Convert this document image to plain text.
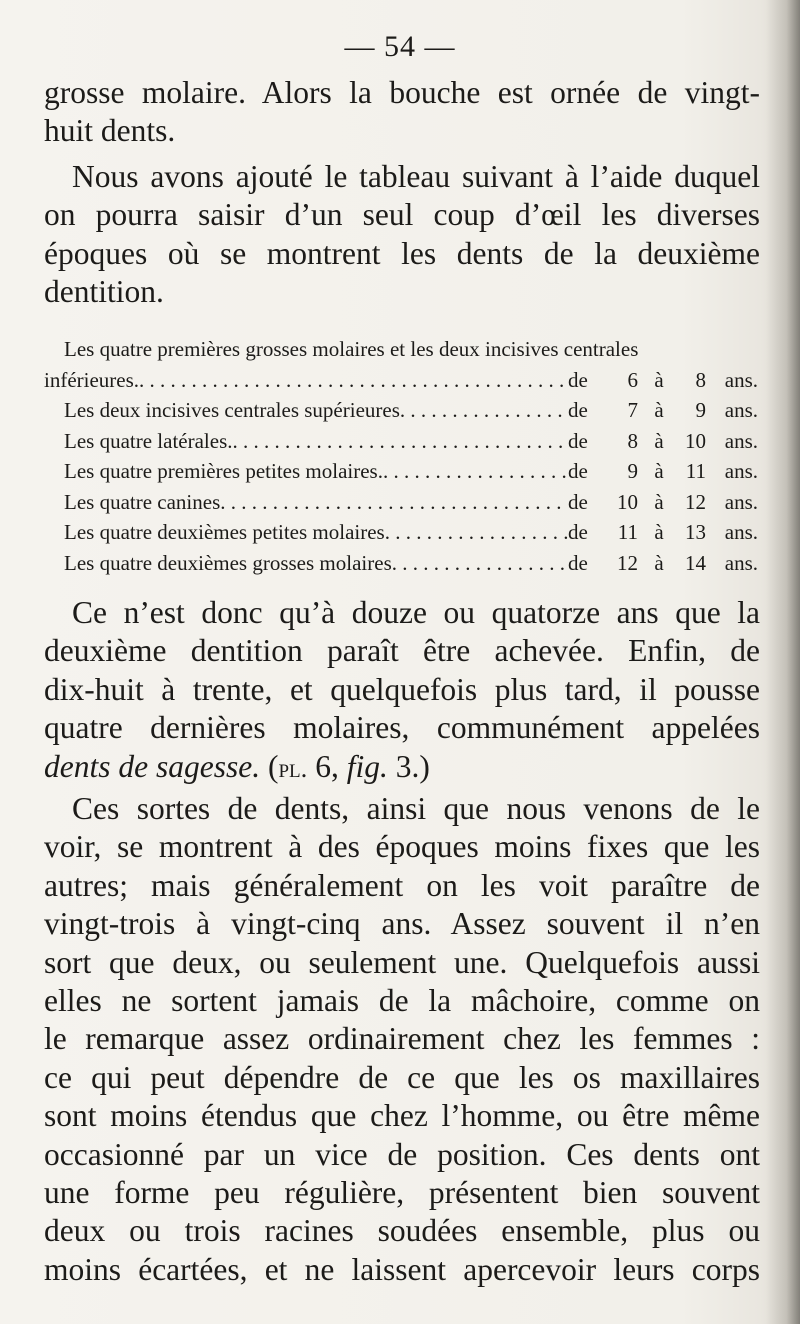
— 54 —
grosse molaire. Alors la bouche est ornée de vingt-
huit dents.
Nous avons ajouté le tableau suivant à l’aide duquel
on pourra saisir d’un seul coup d’œil les diverses
époques où se montrent les dents de la deuxième
dentition.
Les quatre premières grosses molaires et les deux incisives centrales
inférieures.. . . .	de	6 à	8 ans.
Les deux incisives centrales supérieures. . . .	de	7 à	9 ans.
Les quatre latérales.. . . .	de	8 à	10 ans.
Les quatre premières petites molaires.. . . .	de	9 à	11 ans.
Les quatre canines. . . .	de	10 à	12 ans.
Les quatre deuxièmes petites molaires. . . .	de	11 à	13 ans.
Les quatre deuxièmes grosses molaires. . . .	de	12 à	14 ans.
Ce n’est donc qu’à douze ou quatorze ans que la
deuxième dentition paraît être achevée. Enfin, de
dix-huit à trente, et quelquefois plus tard, il pousse
quatre dernières molaires, communément appelées
dents de sagesse. (pl. 6, fig. 3.)
Ces sortes de dents, ainsi que nous venons de le
voir, se montrent à des époques moins fixes que les
autres; mais généralement on les voit paraître de
vingt-trois à vingt-cinq ans. Assez souvent il n’en
sort que deux, ou seulement une. Quelquefois aussi
elles ne sortent jamais de la mâchoire, comme on
le remarque assez ordinairement chez les femmes :
ce qui peut dépendre de ce que les os maxillaires
sont moins étendus que chez l’homme, ou être même
occasionné par un vice de position. Ces dents ont
une forme peu régulière, présentent bien souvent
deux ou trois racines soudées ensemble, plus ou
moins écartées, et ne laissent apercevoir leurs corps
